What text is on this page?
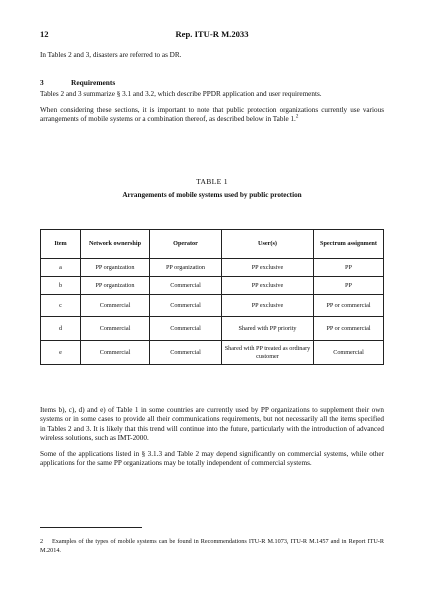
12	Rep. ITU-R M.2033

In Tables 2 and 3, disasters are referred to as DR.

3	Requirements

Tables 2 and 3 summarize § 3.1 and 3.2, which describe PPDR application and user requirements.

When considering these sections, it is important to note that public protection organizations currently use various arrangements of mobile systems or a combination thereof, as described below in Table 1.$^2$

TABLE 1
Arrangements of mobile systems used by public protection
Item	Network ownership	Operator	User(s)	Spectrum assignment
a	PP organization	PP organization	PP exclusive	PP
b	PP organization	Commercial	PP exclusive	PP
c	Commercial	Commercial	PP exclusive	PP or commercial
d	Commercial	Commercial	Shared with PP priority	PP or commercial
e	Commercial	Commercial	Shared with PP treated as ordinary customer	Commercial

Items b), c), d) and e) of Table 1 in some countries are currently used by PP organizations to supplement their own systems or in some cases to provide all their communications requirements, but not necessarily all the items specified in Tables 2 and 3. It is likely that this trend will continue into the future, particularly with the introduction of advanced wireless solutions, such as IMT-2000.

Some of the applications listed in § 3.1.3 and Table 2 may depend significantly on commercial systems, while other applications for the same PP organizations may be totally independent of commercial systems.

2 Examples of the types of mobile systems can be found in Recommendations ITU-R M.1073, ITU-R M.1457 and in Report ITU-R M.2014.
